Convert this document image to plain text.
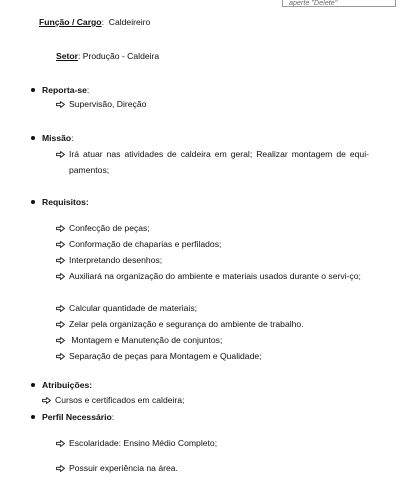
aperte "Delete"
Função / Cargo: Caldeireiro
Setor: Produção - Caldeira
Reporta-se:
Supervisão, Direção
Missão:
Irá atuar nas atividades de caldeira em geral; Realizar montagem de equi-pamentos;
Requisitos:
Confecção de peças;
Conformação de chaparias e perfilados;
Interpretando desenhos;
Auxiliará na organização do ambiente e materiais usados durante o servi-ço;
Calcular quantidade de materiais;
Zelar pela organização e segurança do ambiente de trabalho.
Montagem e Manutenção de conjuntos;
Separação de peças para Montagem e Qualidade;
Atribuições:
Cursos e certificados em caldeira;
Perfil Necessário:
Escolaridade: Ensino Médio Completo;
Possuir experiência na área.
